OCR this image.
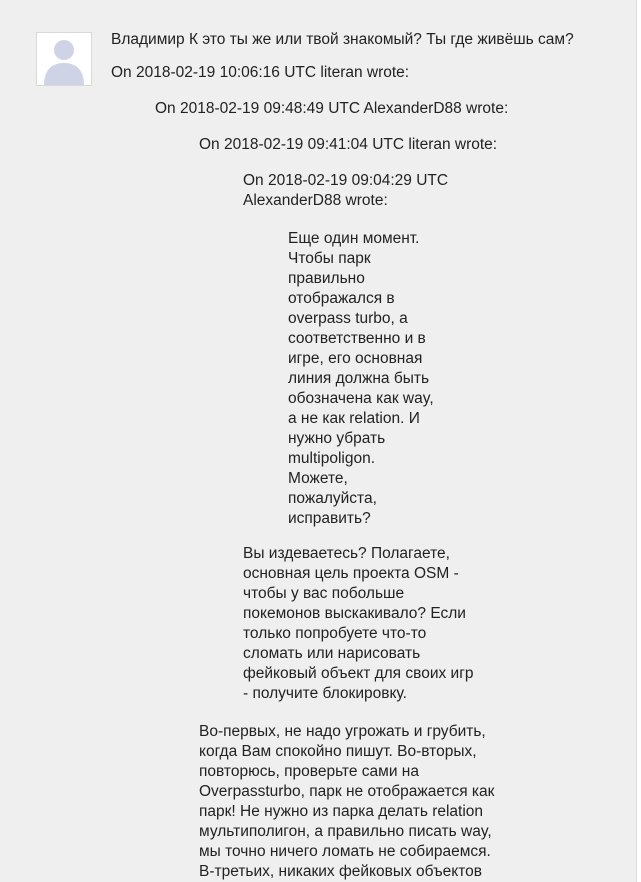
Владимир К это ты же или твой знакомый? Ты где живёшь сам?
On 2018-02-19 10:06:16 UTC literan wrote:
On 2018-02-19 09:48:49 UTC AlexanderD88 wrote:
On 2018-02-19 09:41:04 UTC literan wrote:
On 2018-02-19 09:04:29 UTC
AlexanderD88 wrote:

Еще один момент.

Чтобы парк

правильно

отображался в

overpass turbo, а

соответственно и в

игре, его основная

линия должна быть

обозначена как way,

а не как relation. И

нужно убрать

multipoligon.

Можете,

пожалуйста,

исправить?

Вы издеваетесь? Полагаете,

основная цель проекта OSM -

чтобы у вас побольше

покемонов выскакивало? Если

только попробуете что-то

сломать или нарисовать

фейковый объект для своих игр

- получите блокировку.

Во-первых, не надо угрожать и грубить,

когда Вам спокойно пишут. Во-вторых,

повторюсь, проверьте сами на

Overpassturbo, парк не отображается как

парк! Не нужно из парка делать relation

мультиполигон, а правильно писать way,

мы точно ничего ломать не собираемся.

В-третьих, никаких фейковых объектов
